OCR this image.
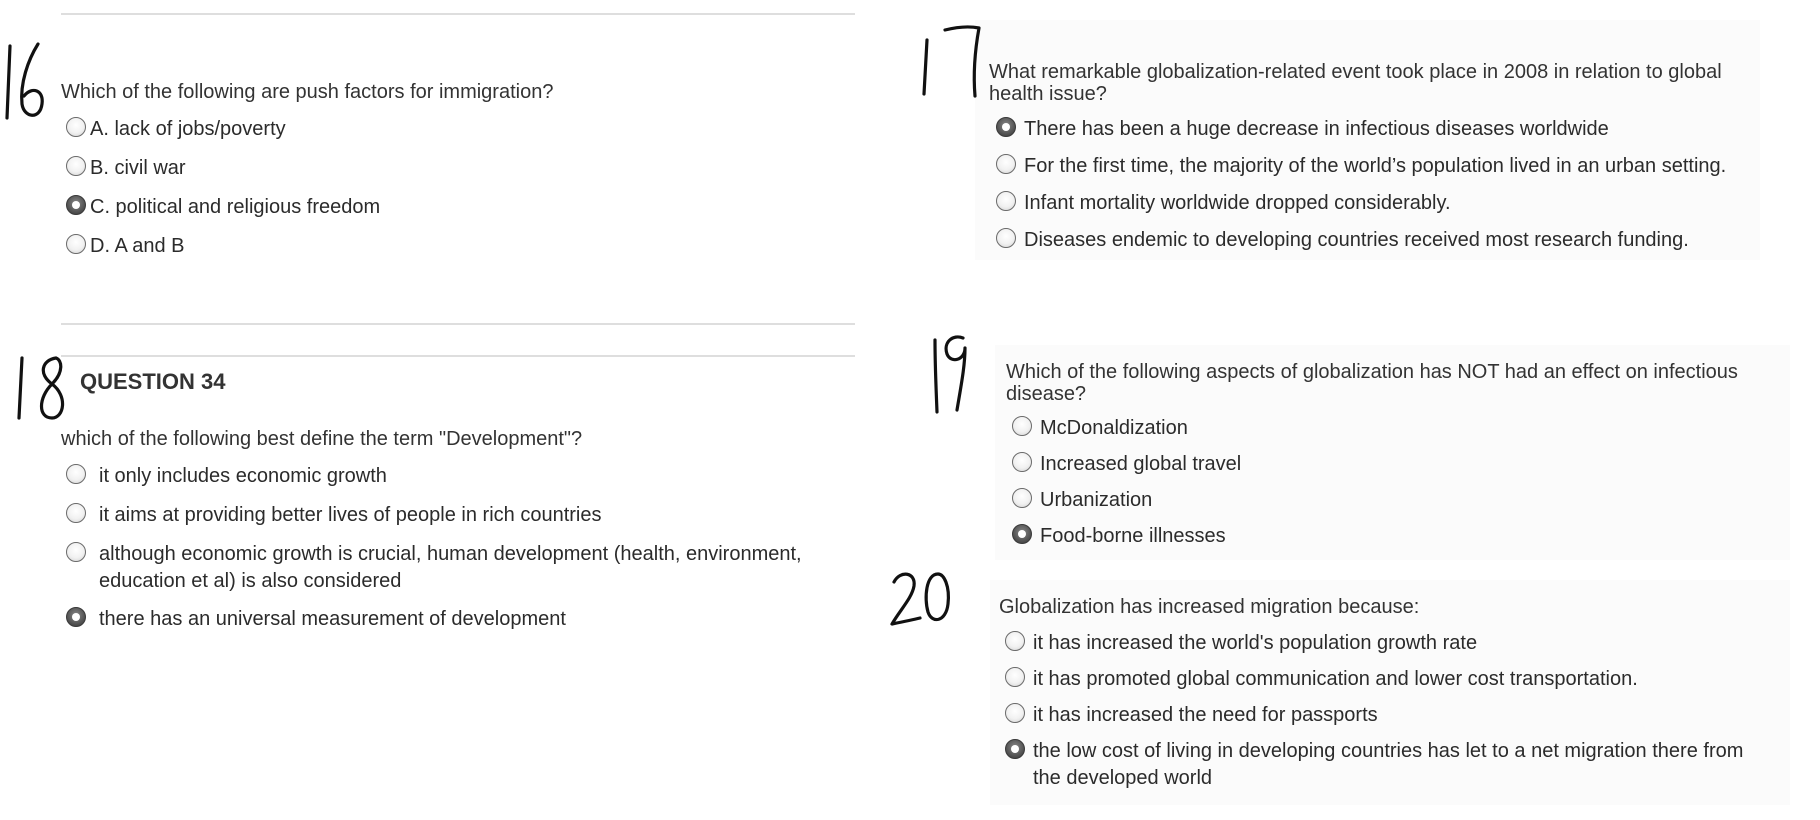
Which of the following are push factors for immigration?
A. lack of jobs/poverty
B. civil war
C. political and religious freedom
D. A and B
What remarkable globalization-related event took place in 2008 in relation to global health issue?
There has been a huge decrease in infectious diseases worldwide
For the first time, the majority of the world’s population lived in an urban setting.
Infant mortality worldwide dropped considerably.
Diseases endemic to developing countries received most research funding.
QUESTION 34
which of the following best define the term "Development"?
it only includes economic growth
it aims at providing better lives of people in rich countries
although economic growth is crucial, human development (health, environment, education et al) is also considered
there has an universal measurement of development
Which of the following aspects of globalization has NOT had an effect on infectious disease?
McDonaldization
Increased global travel
Urbanization
Food-borne illnesses
Globalization has increased migration because:
it has increased the world's population growth rate
it has promoted global communication and lower cost transportation.
it has increased the need for passports
the low cost of living in developing countries has let to a net migration there from the developed world
